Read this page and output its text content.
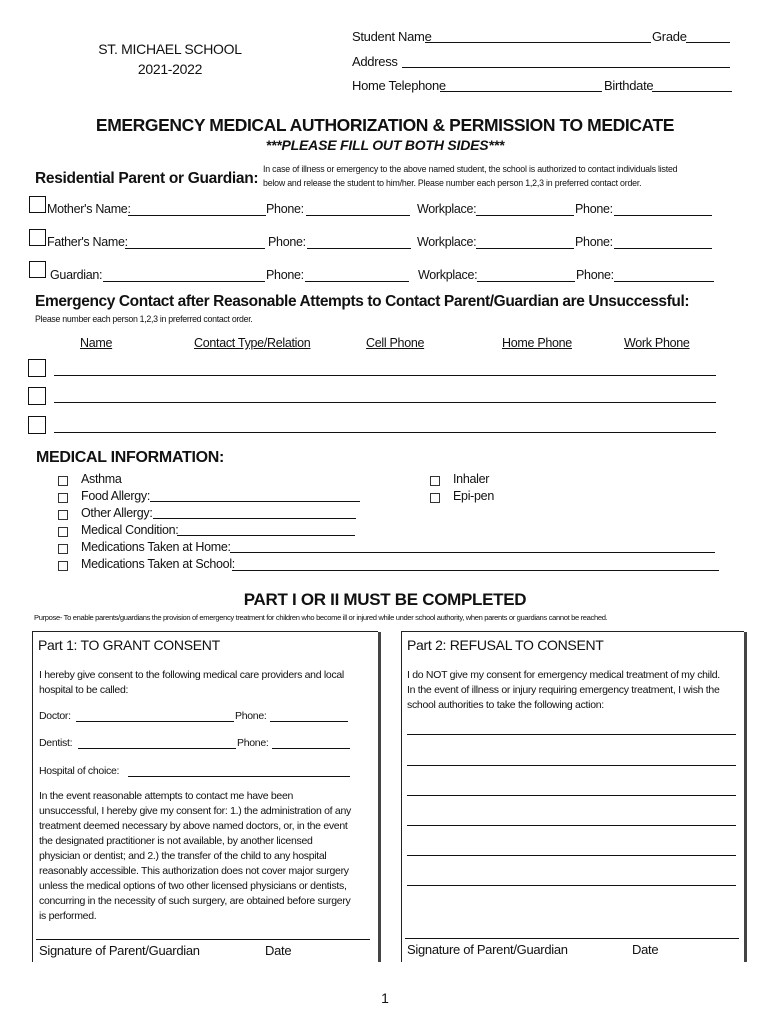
ST. MICHAEL SCHOOL
2021-2022
Student Name	Grade
Address
Home Telephone	Birthdate
EMERGENCY MEDICAL AUTHORIZATION & PERMISSION TO MEDICATE
***PLEASE FILL OUT BOTH SIDES***
Residential Parent or Guardian:
In case of illness or emergency to the above named student, the school is authorized to contact individuals listed
below and release the student to him/her. Please number each person 1,2,3 in preferred contact order.
Mother's Name:	Phone:	Workplace:	Phone:
Father's Name:	Phone:	Workplace:	Phone:
Guardian:	Phone:	Workplace:	Phone:
Emergency Contact after Reasonable Attempts to Contact Parent/Guardian are Unsuccessful:
Please number each person 1,2,3 in preferred contact order.
Name	Contact Type/Relation	Cell Phone	Home Phone	Work Phone
MEDICAL INFORMATION:
Asthma
Food Allergy:
Other Allergy:
Medical Condition:
Medications Taken at Home:
Medications Taken at School:
Inhaler
Epi-pen
PART I OR II MUST BE COMPLETED
Purpose- To enable parents/guardians the provision of emergency treatment for children who become ill or injured while under school authority, when parents or guardians cannot be reached.
Part 1: TO GRANT CONSENT
I hereby give consent to the following medical care providers and local
hospital to be called:
Doctor:	Phone:
Dentist:	Phone:
Hospital of choice:
In the event reasonable attempts to contact me have been
unsuccessful, I hereby give my consent for: 1.) the administration of any
treatment deemed necessary by above named doctors, or, in the event
the designated practitioner is not available, by another licensed
physician or dentist; and 2.) the transfer of the child to any hospital
reasonably accessible. This authorization does not cover major surgery
unless the medical options of two other licensed physicians or dentists,
concurring in the necessity of such surgery, are obtained before surgery
is performed.
Signature of Parent/Guardian	Date
Part 2: REFUSAL TO CONSENT
I do NOT give my consent for emergency medical treatment of my child.
In the event of illness or injury requiring emergency treatment, I wish the
school authorities to take the following action:
Signature of Parent/Guardian	Date
1
